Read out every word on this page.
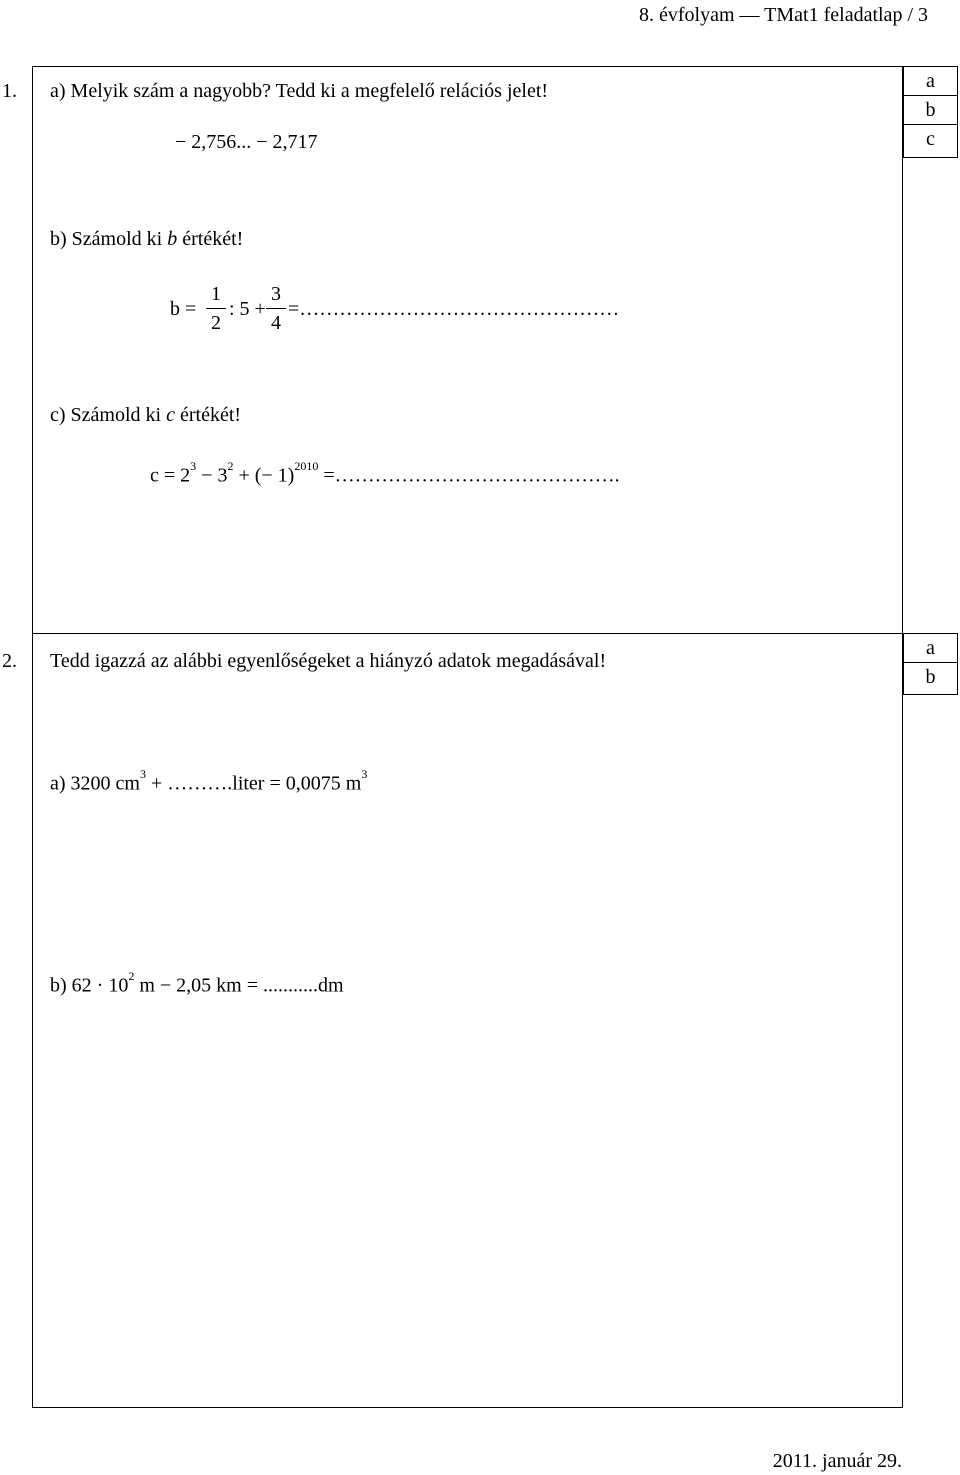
8. évfolyam — TMat1 feladatlap / 3
1. a) Melyik szám a nagyobb? Tedd ki a megfelelő relációs jelet!	a
b
c
− 2,756... − 2,717
b) Számold ki b értékét!
b =
1
2
: 5 +
3
4
=…………………………………………
c) Számold ki c értékét!
$c = 2^3 - 3^2$ + (− 1)$^{2010}$ =…………………………………….
2. Tedd igazzá az alábbi egyenlőségeket a hiányzó adatok megadásával!
a
b
a) 3200 $cm^3$ + ……….liter = 0,0075 $m^3$
b) $62 \cdot 10^2$ m − 2,05 km = ...........dm
2011. január 29.
